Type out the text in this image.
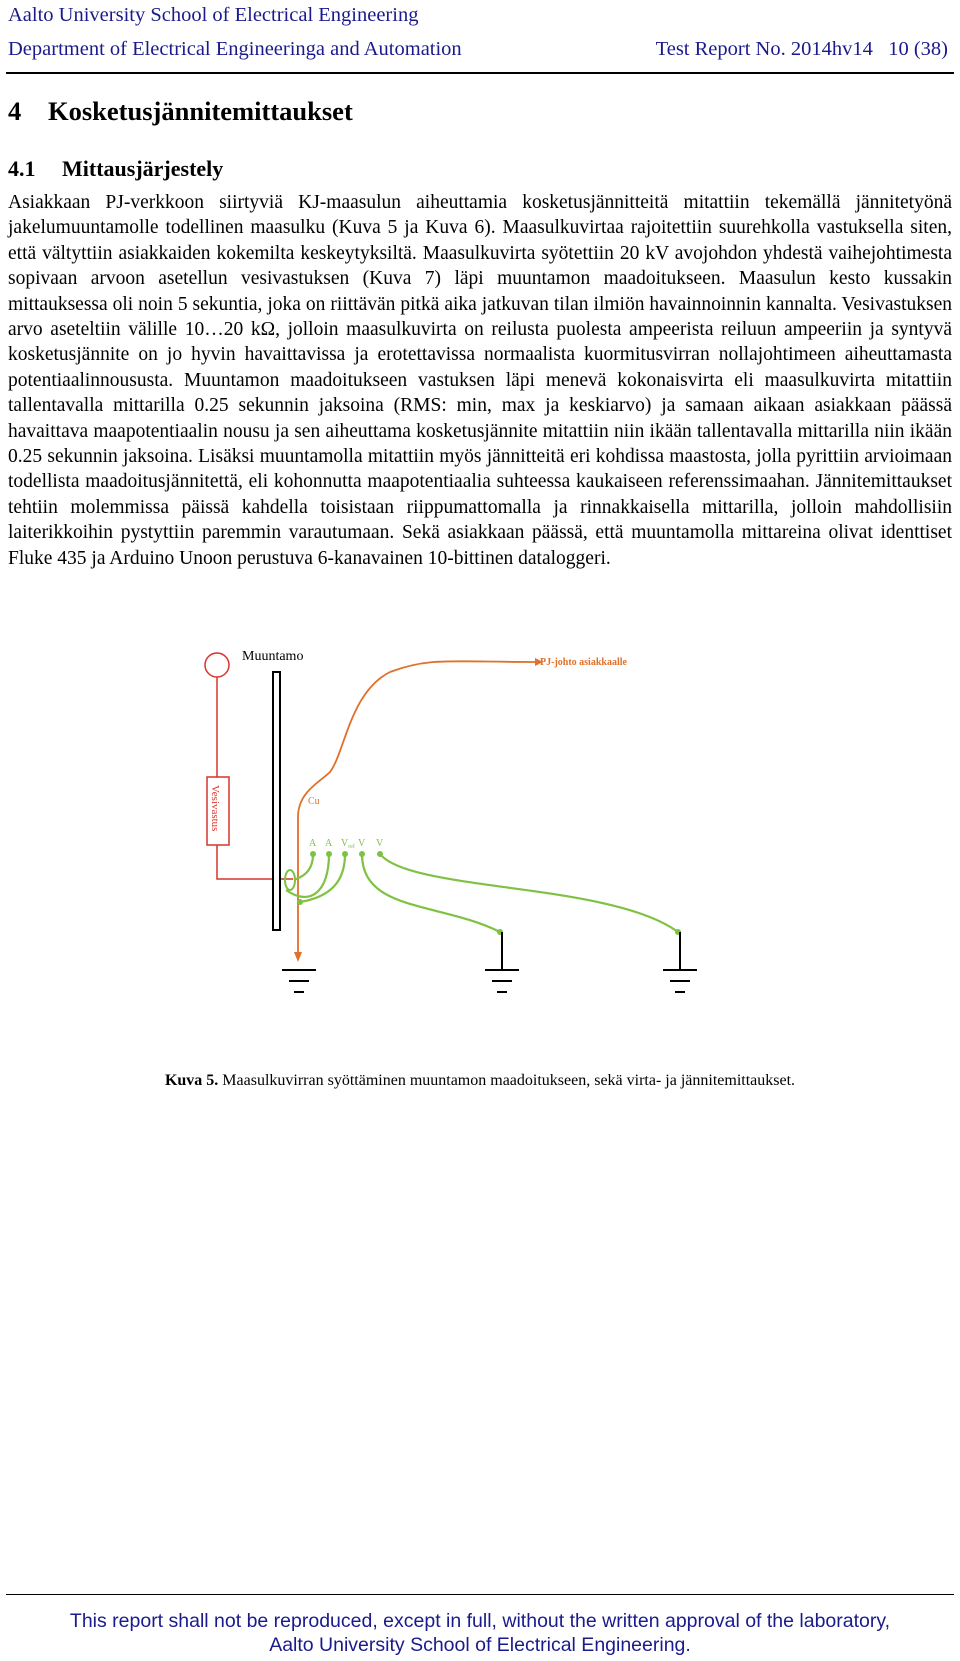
Aalto University School of Electrical Engineering
Department of Electrical Engineeringa and Automation	Test Report No. 2014hv14 10 (38)
4 Kosketusjännitemittaukset
4.1 Mittausjärjestely
Asiakkaan PJ-verkkoon siirtyviä KJ-maasulun aiheuttamia kosketusjännitteitä mitattiin tekemällä jännitetyönä jakelumuuntamolle todellinen maasulku (Kuva 5 ja Kuva 6). Maasulkuvirtaa rajoitettiin suurehkolla vastuksella siten, että vältyttiin asiakkaiden kokemilta keskeytyksiltä. Maasulkuvirta syötettiin 20 kV avojohdon yhdestä vaihejohtimesta sopivaan arvoon asetellun vesivastuksen (Kuva 7) läpi muuntamon maadoitukseen. Maasulun kesto kussakin mittauksessa oli noin 5 sekuntia, joka on riittävän pitkä aika jatkuvan tilan ilmiön havainnoinnin kannalta. Vesivastuksen arvo aseteltiin välille 10…20 kΩ, jolloin maasulkuvirta on reilusta puolesta ampeerista reiluun ampeeriin ja syntyvä kosketusjännite on jo hyvin havaittavissa ja erotettavissa normaalista kuormitusvirran nollajohtimeen aiheuttamasta potentiaalinnoususta. Muuntamon maadoitukseen vastuksen läpi menevä kokonaisvirta eli maasulkuvirta mitattiin tallentavalla mittarilla 0.25 sekunnin jaksoina (RMS: min, max ja keskiarvo) ja samaan aikaan asiakkaan päässä havaittava maapotentiaalin nousu ja sen aiheuttama kosketusjännite mitattiin niin ikään tallentavalla mittarilla niin ikään 0.25 sekunnin jaksoina. Lisäksi muuntamolla mitattiin myös jännitteitä eri kohdissa maastosta, jolla pyrittiin arvioimaan todellista maadoitusjännitettä, eli kohonnutta maapotentiaalia suhteessa kaukaiseen referenssimaahan. Jännitemittaukset tehtiin molemmissa päissä kahdella toisistaan riippumattomalla ja rinnakkaisella mittarilla, jolloin mahdollisiin laiterikkoihin pystyttiin paremmin varautumaan. Sekä asiakkaan päässä, että muuntamolla mittareina olivat identtiset Fluke 435 ja Arduino Unoon perustuva 6-kanavainen 10-bittinen dataloggeri.
Vesivastus
Muuntamo	PJ-johto asiakkaalle
Cu
A A $V_{ref}$ V V
Kuva 5. Maasulkuvirran syöttäminen muuntamon maadoitukseen, sekä virta- ja jännitemittaukset.
This report shall not be reproduced, except in full, without the written approval of the laboratory,
Aalto University School of Electrical Engineering.
